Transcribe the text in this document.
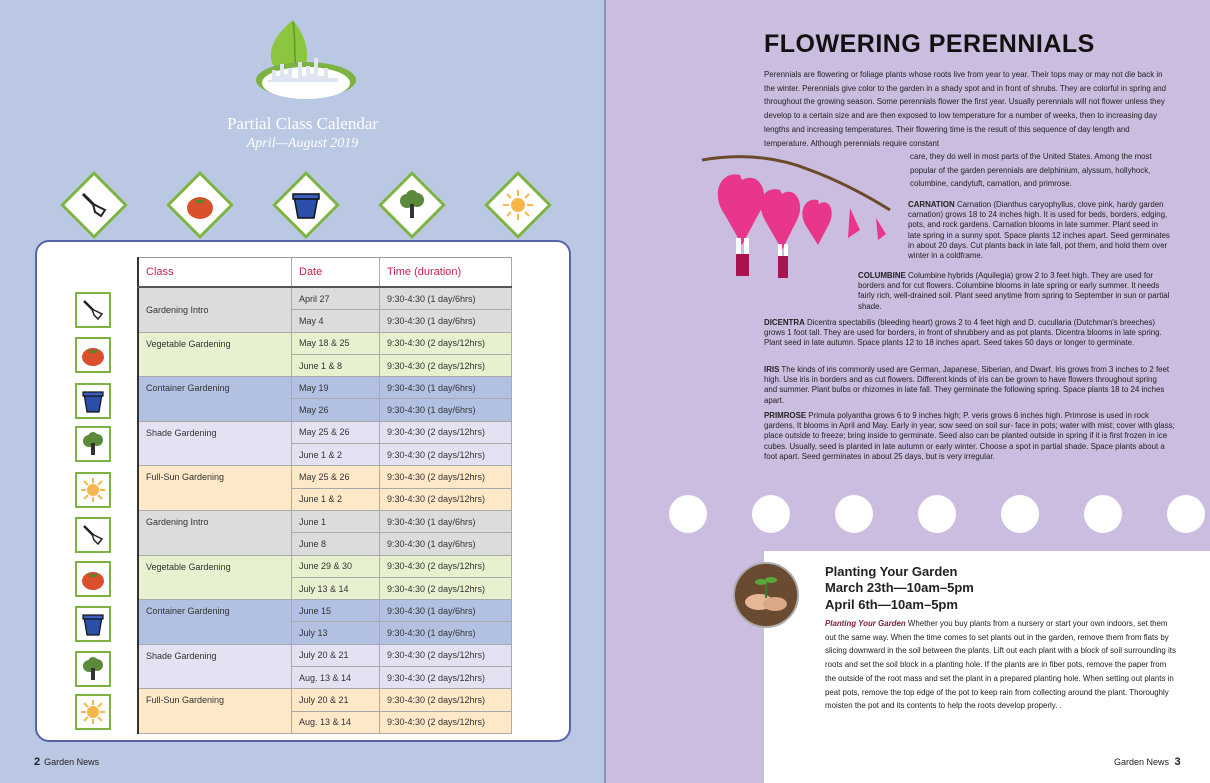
Partial Class Calendar
April—August 2019
Class	Date	Time (duration)
Gardening Intro	April 27	9:30-4:30 (1 day/6hrs)
	May 4	9:30-4:30 (1 day/6hrs)
Vegetable Gardening	May 18 & 25	9:30-4:30 (2 days/12hrs)
	June 1 & 8	9:30-4:30 (2 days/12hrs)
Container Gardening	May 19	9:30-4:30 (1 day/6hrs)
	May 26	9:30-4:30 (1 day/6hrs)
Shade Gardening	May 25 & 26	9:30-4:30 (2 days/12hrs)
	June 1 & 2	9:30-4:30 (2 days/12hrs)
Full-Sun Gardening	May 25 & 26	9:30-4:30 (2 days/12hrs)
	June 1 & 2	9:30-4:30 (2 days/12hrs)
Gardening Intro	June 1	9:30-4:30 (1 day/6hrs)
	June 8	9:30-4:30 (1 day/6hrs)
Vegetable Gardening	June 29 & 30	9:30-4:30 (2 days/12hrs)
	July 13 & 14	9:30-4:30 (2 days/12hrs)
Container Gardening	June 15	9:30-4:30 (1 day/6hrs)
	July 13	9:30-4:30 (1 day/6hrs)
Shade Gardening	July 20 & 21	9:30-4:30 (2 days/12hrs)
	Aug. 13 & 14	9:30-4:30 (2 days/12hrs)
Full-Sun Gardening	July 20 & 21	9:30-4:30 (2 days/12hrs)
	Aug. 13 & 14	9:30-4:30 (2 days/12hrs)
2 Garden News
FLOWERING PERENNIALS
Perennials are flowering or foliage plants whose roots live from year to year. Their tops may or may not die back in the winter. Perennials give color to the garden in a shady spot and in front of shrubs. They are colorful in spring and throughout the growing season. Some perennials flower the first year. Usually perennials will not flower unless they develop to a certain size and are then exposed to low temperature for a number of weeks, then to increasing day lengths and increasing temperatures. Their flowering time is the result of this sequence of day length and temperature. Although perennials require constant
care, they do well in most parts of the United States. Among the most popular of the garden perennials are delphinium, alyssum, hollyhock, columbine, candytuft, carnation, and primrose.
CARNATION Carnation (Dianthus caryophyllus, clove pink, hardy garden carnation) grows 18 to 24 inches high. It is used for beds, borders, edging, pots, and rock gardens. Carnation blooms in late summer. Plant seed in late spring in a sunny spot. Space plants 12 inches apart. Seed germinates in about 20 days. Cut plants back in late fall, pot them, and hold them over winter in a coldframe.
COLUMBINE Columbine hybrids (Aquilegia) grow 2 to 3 feet high. They are used for borders and for cut flowers. Columbine blooms in late spring or early summer. It needs fairly rich, well-drained soil. Plant seed anytime from spring to September in sun or partial shade.
DICENTRA Dicentra spectabilis (bleeding heart) grows 2 to 4 feet high and D. cucullaria (Dutchman's breeches) grows 1 foot tall. They are used for borders, in front of shrubbery and as pot plants. Dicentra blooms in late spring. Plant seed in late autumn. Space plants 12 to 18 inches apart. Seed takes 50 days or longer to germinate.
IRIS The kinds of iris commonly used are German, Japanese, Siberian, and Dwarf. Iris grows from 3 inches to 2 feet high. Use iris in borders and as cut flowers. Different kinds of iris can be grown to have flowers throughout spring and summer. Plant bulbs or rhizomes in late fall. They germinate the following spring. Space plants 18 to 24 inches apart.
PRIMROSE Primula polyantha grows 6 to 9 inches high; P. veris grows 6 inches high. Primrose is used in rock gardens. It blooms in April and May. Early in year, sow seed on soil sur- face in pots; water with mist; cover with glass; place outside to freeze; bring inside to germinate. Seed also can be planted outside in spring if it is first frozen in ice cubes. Usually, seed is planted in late autumn or early winter. Choose a spot in partial shade. Space plants about a foot apart. Seed germinates in about 25 days, but is very irregular.
Planting Your Garden
March 23th—10am–5pm
April 6th—10am–5pm
Planting Your Garden Whether you buy plants from a nursery or start your own indoors, set them out the same way. When the time comes to set plants out in the garden, remove them from flats by slicing downward in the soil between the plants. Lift out each plant with a block of soil surrounding its roots and set the soil block in a planting hole. If the plants are in fiber pots, remove the paper from the outside of the root mass and set the plant in a prepared planting hole. When setting out plants in peat pots, remove the top edge of the pot to keep rain from collecting around the plant. Thoroughly moisten the pot and its contents to help the roots develop properly. .
Garden News 3
